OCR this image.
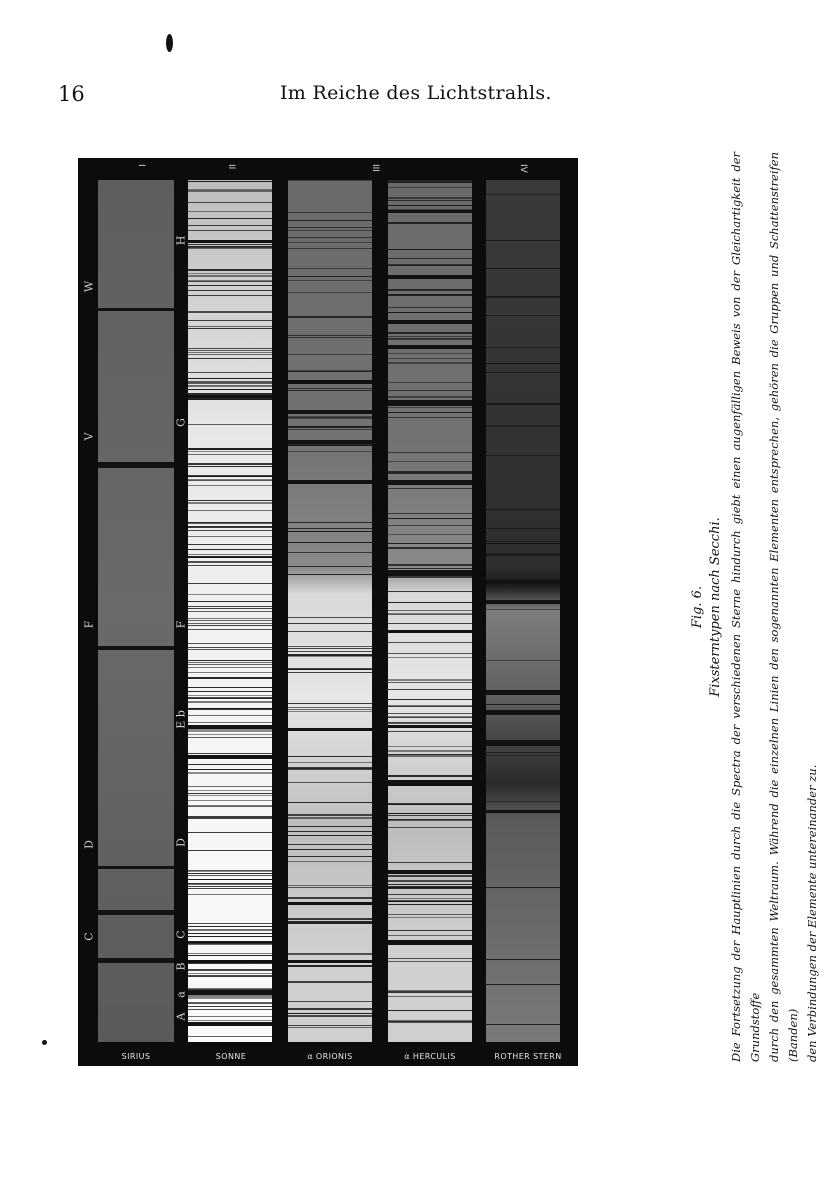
16	Im Reiche des Lichtstrahls.
I	II	III	IV
SIRIUS	SONNE	α ORIONIS	α HERCULIS	ROTHER STERN
W
V
F
D
C
H
G
F
E b
D
C
B
a
A
Fig. 6. Fixsterntypen nach Secchi. Die Fortsetzung der Hauptlinien durch die Spectra der verschiedenen Sterne hindurch giebt einen augenfälligen Beweis von der Gleichartigkeit der Grundstoffe durch den gesammten Weltraum. Während die einzelnen Linien den sogenannten Elementen entsprechen, gehören die Gruppen und Schattenstreifen (Banden) den Verbindungen der Elemente untereinander zu.
